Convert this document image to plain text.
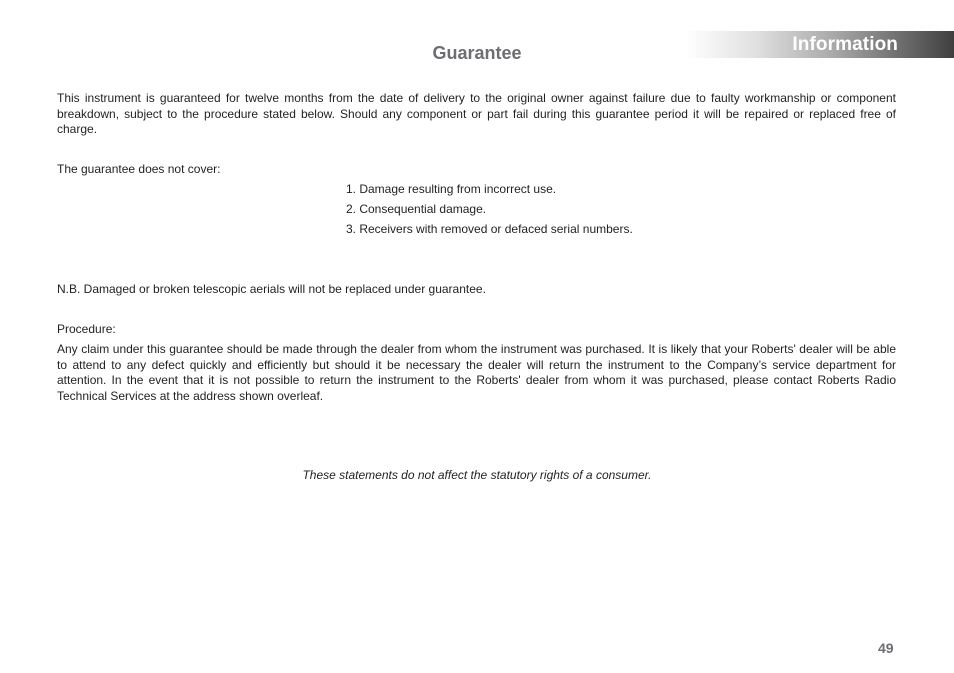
Information
Guarantee

This instrument is guaranteed for twelve months from the date of delivery to the original owner against failure due to faulty workmanship or component breakdown, subject to the procedure stated below. Should any component or part fail during this guarantee period it will be repaired or replaced free of charge.

The guarantee does not cover:

1. Damage resulting from incorrect use.
2. Consequential damage.
3. Receivers with removed or defaced serial numbers.

N.B. Damaged or broken telescopic aerials will not be replaced under guarantee.

Procedure:

Any claim under this guarantee should be made through the dealer from whom the instrument was purchased. It is likely that your Roberts' dealer will be able to attend to any defect quickly and efficiently but should it be necessary the dealer will return the instrument to the Company’s service department for attention. In the event that it is not possible to return the instrument to the Roberts' dealer from whom it was purchased, please contact Roberts Radio Technical Services at the address shown overleaf.

These statements do not affect the statutory rights of a consumer.

49
